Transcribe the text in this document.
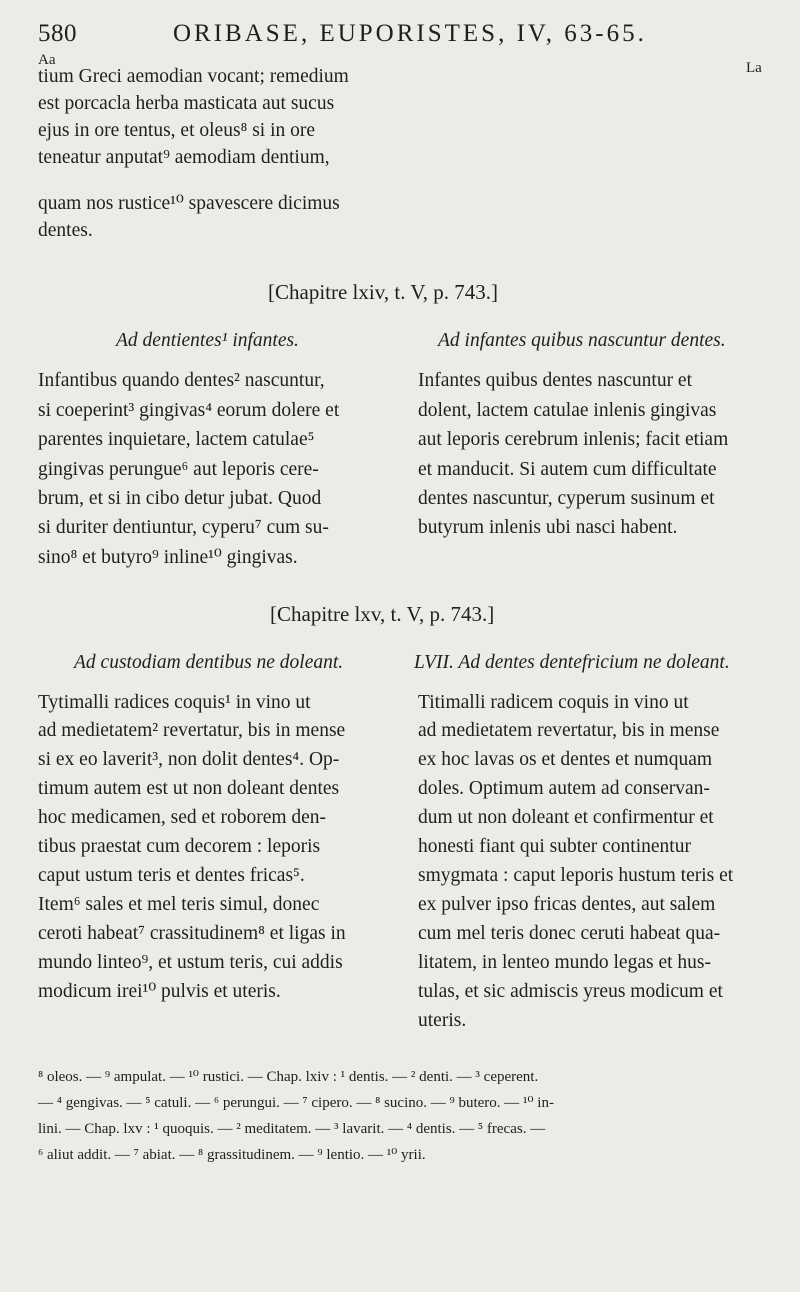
580	ORIBASE, EUPORISTES, IV, 63-65.
Aa	La
tium Greci aemodian vocant; remedium
est porcacla herba masticata aut sucus
ejus in ore tentus, et oleus⁸ si in ore
teneatur anputat⁹ aemodiam dentium,
quam nos rustice¹⁰ spavescere dicimus
dentes.
[Chapitre lxiv, t. V, p. 743.]
Ad dentientes¹ infantes.	Ad infantes quibus nascuntur dentes.
Infantibus quando dentes² nascuntur,
si coeperint³ gingivas⁴ eorum dolere et
parentes inquietare, lactem catulae⁵
gingivas perungue⁶ aut leporis cere-
brum, et si in cibo detur jubat. Quod
si duriter dentiuntur, cyperu⁷ cum su-
sino⁸ et butyro⁹ inline¹⁰ gingivas.
Infantes quibus dentes nascuntur et
dolent, lactem catulae inlenis gingivas
aut leporis cerebrum inlenis; facit etiam
et manducit. Si autem cum difficultate
dentes nascuntur, cyperum susinum et
butyrum inlenis ubi nasci habent.
[Chapitre lxv, t. V, p. 743.]
Ad custodiam dentibus ne doleant.	LVII. Ad dentes dentefricium ne doleant.
Tytimalli radices coquis¹ in vino ut
ad medietatem² revertatur, bis in mense
si ex eo laverit³, non dolit dentes⁴. Op-
timum autem est ut non doleant dentes
hoc medicamen, sed et roborem den-
tibus praestat cum decorem : leporis
caput ustum teris et dentes fricas⁵.
Item⁶ sales et mel teris simul, donec
ceroti habeat⁷ crassitudinem⁸ et ligas in
mundo linteo⁹, et ustum teris, cui addis
modicum irei¹⁰ pulvis et uteris.
Titimalli radicem coquis in vino ut
ad medietatem revertatur, bis in mense
ex hoc lavas os et dentes et numquam
doles. Optimum autem ad conservan-
dum ut non doleant et confirmentur et
honesti fiant qui subter continentur
smygmata : caput leporis hustum teris et
ex pulver ipso fricas dentes, aut salem
cum mel teris donec ceruti habeat qua-
litatem, in lenteo mundo legas et hus-
tulas, et sic admiscis yreus modicum et
uteris.
⁸ oleos. — ⁹ ampulat. — ¹⁰ rustici. — Chap. lxiv : ¹ dentis. — ² denti. — ³ ceperent.
— ⁴ gengivas. — ⁵ catuli. — ⁶ perungui. — ⁷ cipero. — ⁸ sucino. — ⁹ butero. — ¹⁰ in-
lini. — Chap. lxv : ¹ quoquis. — ² meditatem. — ³ lavarit. — ⁴ dentis. — ⁵ frecas. —
⁶ aliut addit. — ⁷ abiat. — ⁸ grassitudinem. — ⁹ lentio. — ¹⁰ yrii.
